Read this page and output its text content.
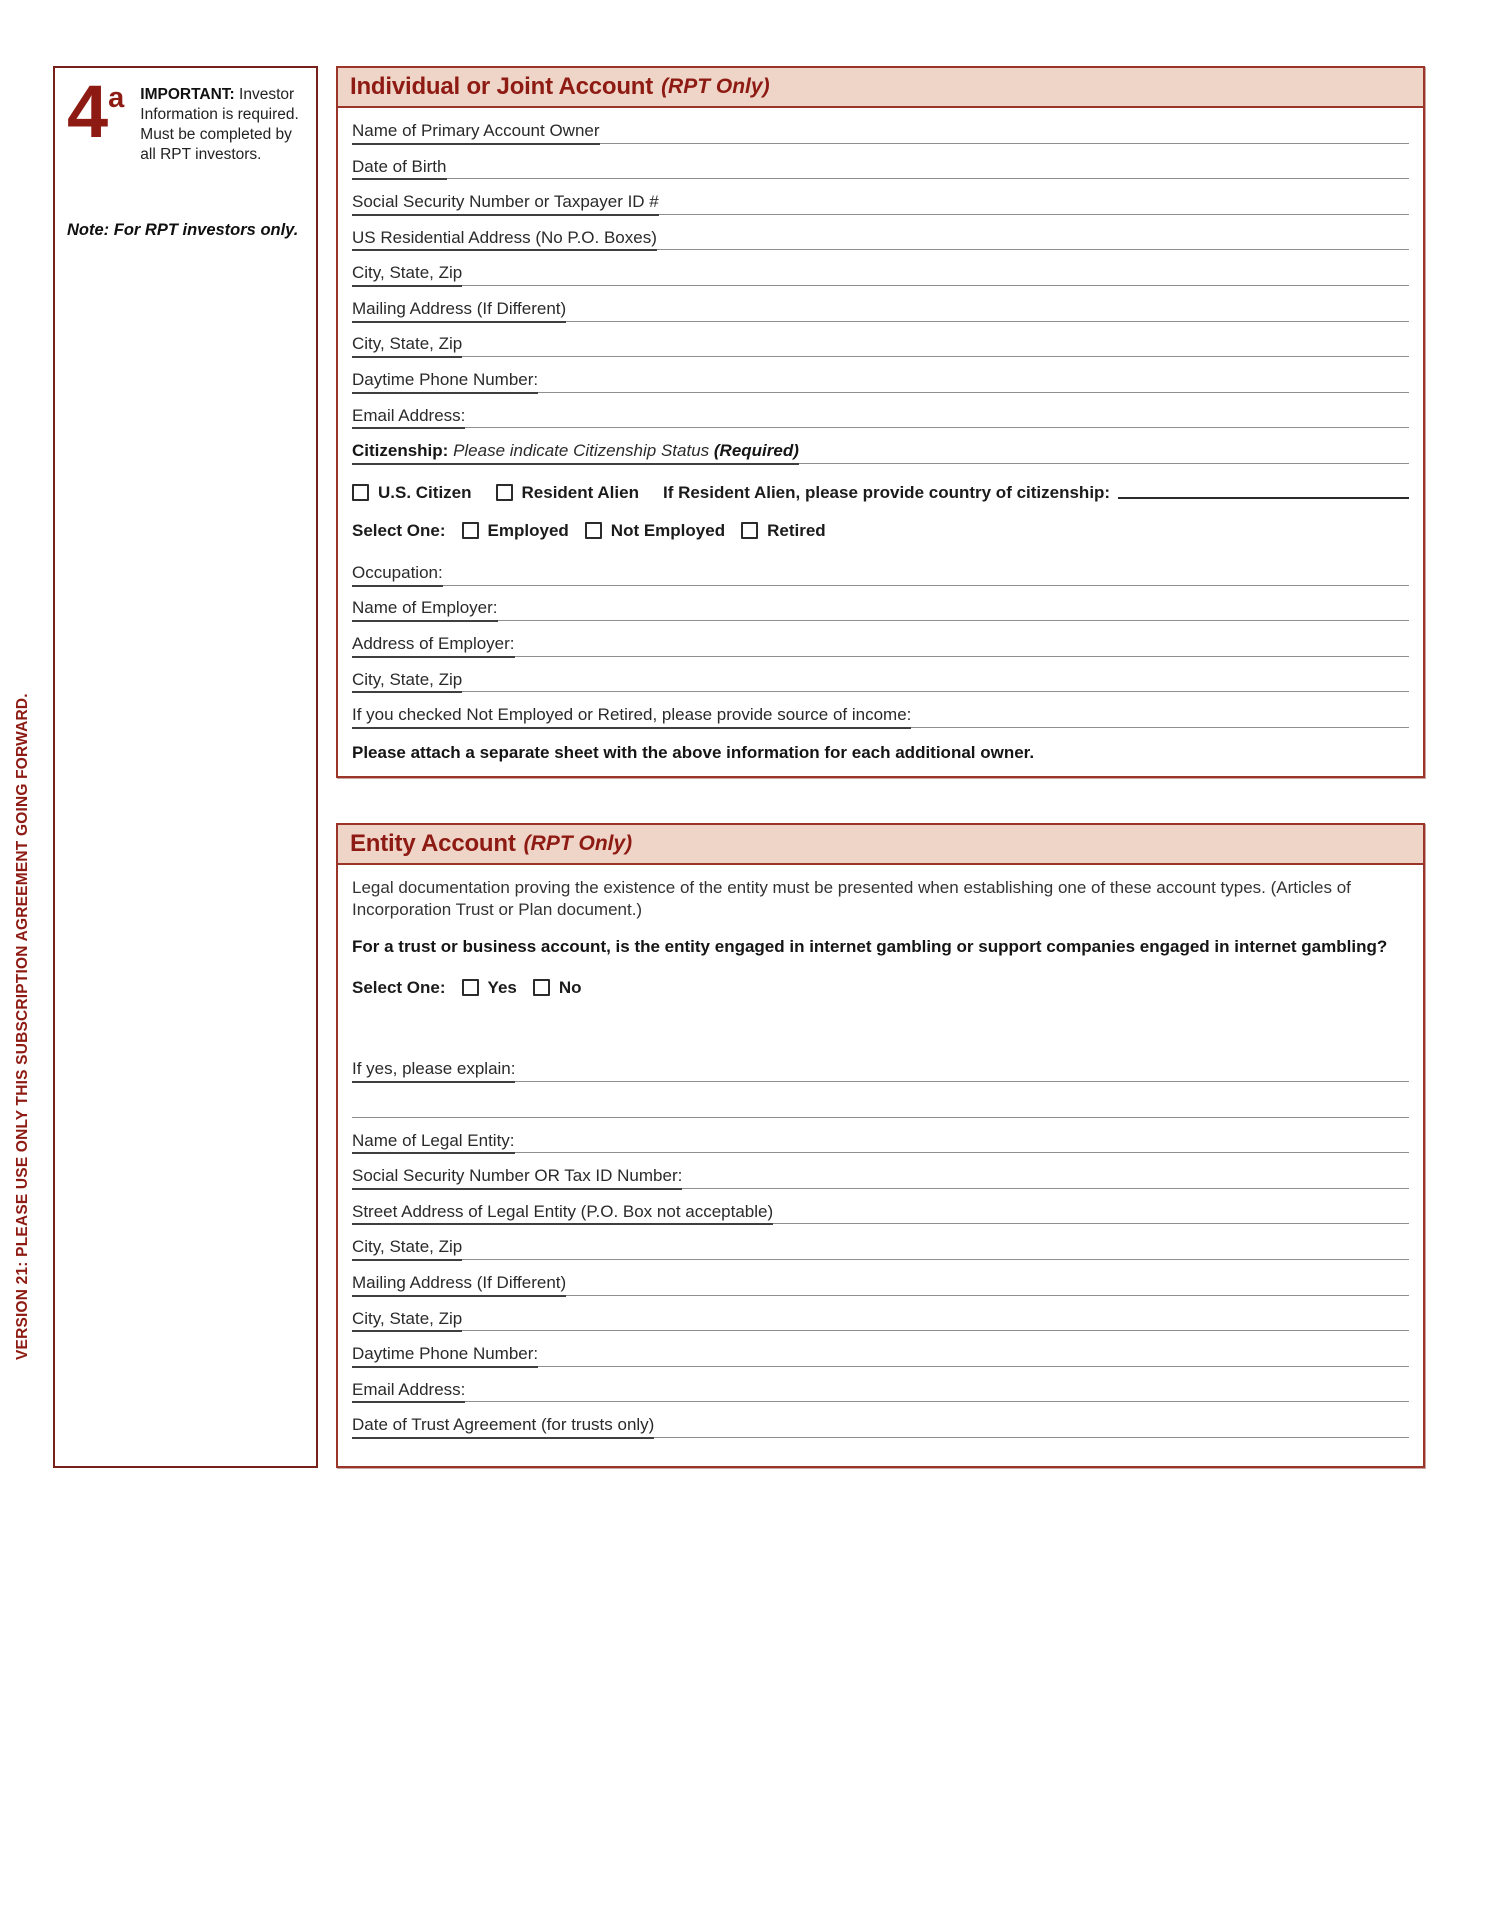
VERSION 21: PLEASE USE ONLY THIS SUBSCRIPTION AGREEMENT GOING FORWARD.
4 a IMPORTANT: Investor Information is required. Must be completed by all RPT investors.
Note: For RPT investors only.
Individual or Joint Account (RPT Only)
Name of Primary Account Owner
Date of Birth
Social Security Number or Taxpayer ID #
US Residential Address (No P.O. Boxes)
City, State, Zip
Mailing Address (If Different)
City, State, Zip
Daytime Phone Number:
Email Address:
Citizenship: Please indicate Citizenship Status (Required)
U.S. Citizen	Resident Alien If Resident Alien, please provide country of citizenship:
Select One: Employed Not Employed Retired
Occupation:
Name of Employer:
Address of Employer:
City, State, Zip
If you checked Not Employed or Retired, please provide source of income:
Please attach a separate sheet with the above information for each additional owner.
Entity Account (RPT Only)
Legal documentation proving the existence of the entity must be presented when establishing one of these account types. (Articles of Incorporation Trust or Plan document.)
For a trust or business account, is the entity engaged in internet gambling or support companies engaged in internet gambling?
Select One: Yes No
If yes, please explain:
Name of Legal Entity:
Social Security Number OR Tax ID Number:
Street Address of Legal Entity (P.O. Box not acceptable)
City, State, Zip
Mailing Address (If Different)
City, State, Zip
Daytime Phone Number:
Email Address:
Date of Trust Agreement (for trusts only)
